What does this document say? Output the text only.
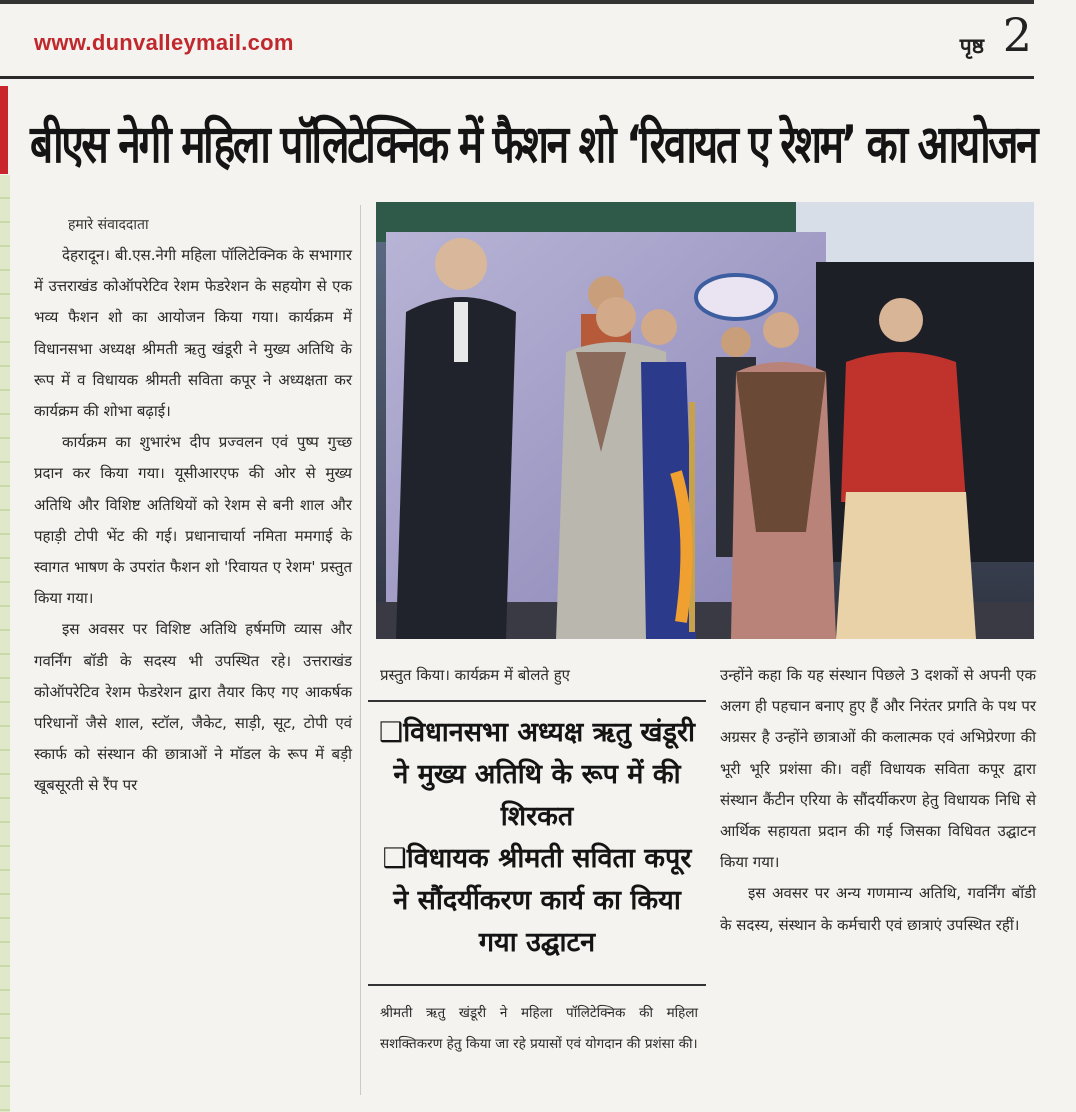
www.dunvalleymail.com	पृष्ठ 2
बीएस नेगी महिला पॉलिटेक्निक में फैशन शो ‘रिवायत ए रेशम’ का आयोजन
हमारे संवाददाता

देहरादून। बी.एस.नेगी महिला पॉलिटेक्निक के सभागार में उत्तराखंड कोऑपरेटिव रेशम फेडरेशन के सहयोग से एक भव्य फैशन शो का आयोजन किया गया। कार्यक्रम में विधानसभा अध्यक्ष श्रीमती ऋतु खंडूरी ने मुख्य अतिथि के रूप में व विधायक श्रीमती सविता कपूर ने अध्यक्षता कर कार्यक्रम की शोभा बढ़ाई।

कार्यक्रम का शुभारंभ दीप प्रज्वलन एवं पुष्प गुच्छ प्रदान कर किया गया। यूसीआरएफ की ओर से मुख्य अतिथि और विशिष्ट अतिथियों को रेशम से बनी शाल और पहाड़ी टोपी भेंट की गई। प्रधानाचार्या नमिता ममगाई के स्वागत भाषण के उपरांत फैशन शो 'रिवायत ए रेशम' प्रस्तुत किया गया।

इस अवसर पर विशिष्ट अतिथि हर्षमणि व्यास और गवर्निंग बॉडी के सदस्य भी उपस्थित रहे। उत्तराखंड कोऑपरेटिव रेशम फेडरेशन द्वारा तैयार किए गए आकर्षक परिधानों जैसे शाल, स्टॉल, जैकेट, साड़ी, सूट, टोपी एवं स्कार्फ को संस्थान की छात्राओं ने मॉडल के रूप में बड़ी खूबसूरती से रैंप पर

प्रस्तुत किया। कार्यक्रम में बोलते हुए
❑विधानसभा अध्यक्ष ऋतु खंडूरी ने मुख्य अतिथि के रूप में की शिरकत
❑विधायक श्रीमती सविता कपूर ने सौंदर्यीकरण कार्य का किया गया उद्घाटन
श्रीमती ऋतु खंडूरी ने महिला पॉलिटेक्निक की महिला सशक्तिकरण हेतु किया जा रहे प्रयासों एवं योगदान की प्रशंसा की।

उन्होंने कहा कि यह संस्थान पिछले 3 दशकों से अपनी एक अलग ही पहचान बनाए हुए हैं और निरंतर प्रगति के पथ पर अग्रसर है उन्होंने छात्राओं की कलात्मक एवं अभिप्रेरणा की भूरी भूरि प्रशंसा की। वहीं विधायक सविता कपूर द्वारा संस्थान कैंटीन एरिया के सौंदर्यीकरण हेतु विधायक निधि से आर्थिक सहायता प्रदान की गई जिसका विधिवत उद्घाटन किया गया।

इस अवसर पर अन्य गणमान्य अतिथि, गवर्निंग बॉडी के सदस्य, संस्थान के कर्मचारी एवं छात्राएं उपस्थित रहीं।
